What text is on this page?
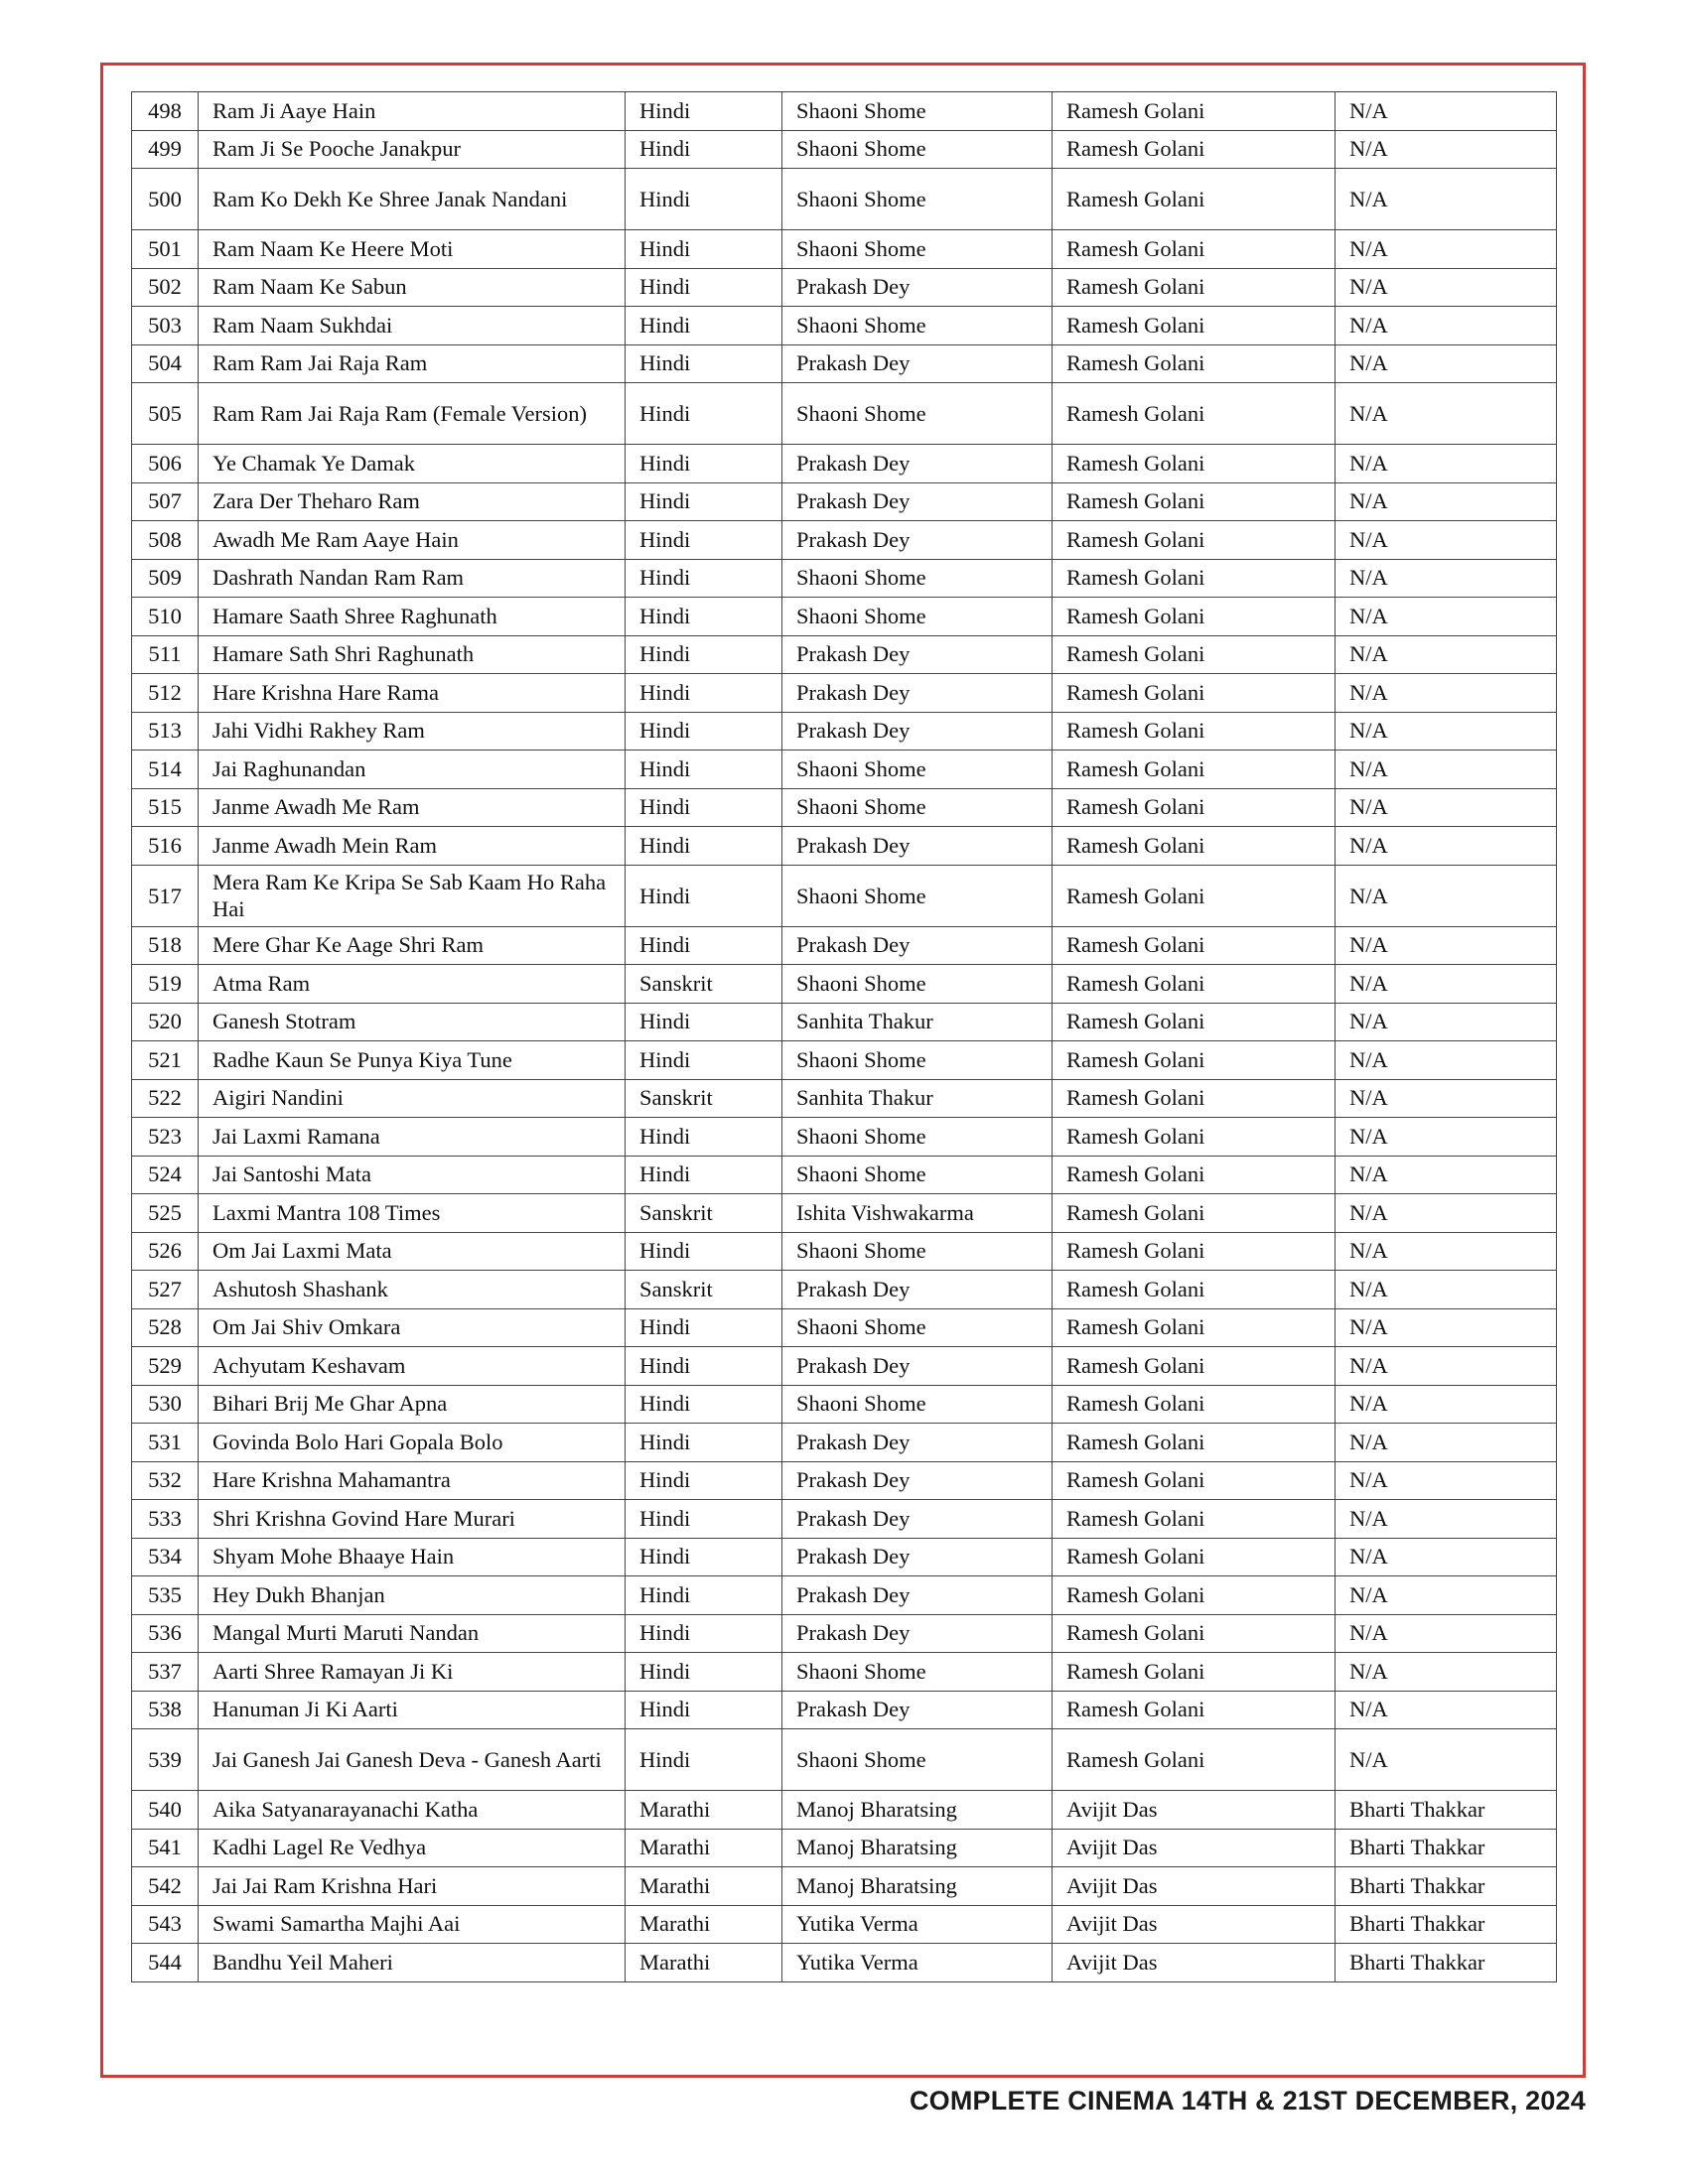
498	Ram Ji Aaye Hain	Hindi	Shaoni Shome	Ramesh Golani	N/A
499	Ram Ji Se Pooche Janakpur	Hindi	Shaoni Shome	Ramesh Golani	N/A
500	Ram Ko Dekh Ke Shree Janak Nandani	Hindi	Shaoni Shome	Ramesh Golani	N/A
501	Ram Naam Ke Heere Moti	Hindi	Shaoni Shome	Ramesh Golani	N/A
502	Ram Naam Ke Sabun	Hindi	Prakash Dey	Ramesh Golani	N/A
503	Ram Naam Sukhdai	Hindi	Shaoni Shome	Ramesh Golani	N/A
504	Ram Ram Jai Raja Ram	Hindi	Prakash Dey	Ramesh Golani	N/A
505	Ram Ram Jai Raja Ram (Female Version)	Hindi	Shaoni Shome	Ramesh Golani	N/A
506	Ye Chamak Ye Damak	Hindi	Prakash Dey	Ramesh Golani	N/A
507	Zara Der Theharo Ram	Hindi	Prakash Dey	Ramesh Golani	N/A
508	Awadh Me Ram Aaye Hain	Hindi	Prakash Dey	Ramesh Golani	N/A
509	Dashrath Nandan Ram Ram	Hindi	Shaoni Shome	Ramesh Golani	N/A
510	Hamare Saath Shree Raghunath	Hindi	Shaoni Shome	Ramesh Golani	N/A
511	Hamare Sath Shri Raghunath	Hindi	Prakash Dey	Ramesh Golani	N/A
512	Hare Krishna Hare Rama	Hindi	Prakash Dey	Ramesh Golani	N/A
513	Jahi Vidhi Rakhey Ram	Hindi	Prakash Dey	Ramesh Golani	N/A
514	Jai Raghunandan	Hindi	Shaoni Shome	Ramesh Golani	N/A
515	Janme Awadh Me Ram	Hindi	Shaoni Shome	Ramesh Golani	N/A
516	Janme Awadh Mein Ram	Hindi	Prakash Dey	Ramesh Golani	N/A
517	Mera Ram Ke Kripa Se Sab Kaam Ho Raha Hai	Hindi	Shaoni Shome	Ramesh Golani	N/A
518	Mere Ghar Ke Aage Shri Ram	Hindi	Prakash Dey	Ramesh Golani	N/A
519	Atma Ram	Sanskrit	Shaoni Shome	Ramesh Golani	N/A
520	Ganesh Stotram	Hindi	Sanhita Thakur	Ramesh Golani	N/A
521	Radhe Kaun Se Punya Kiya Tune	Hindi	Shaoni Shome	Ramesh Golani	N/A
522	Aigiri Nandini	Sanskrit	Sanhita Thakur	Ramesh Golani	N/A
523	Jai Laxmi Ramana	Hindi	Shaoni Shome	Ramesh Golani	N/A
524	Jai Santoshi Mata	Hindi	Shaoni Shome	Ramesh Golani	N/A
525	Laxmi Mantra 108 Times	Sanskrit	Ishita Vishwakarma	Ramesh Golani	N/A
526	Om Jai Laxmi Mata	Hindi	Shaoni Shome	Ramesh Golani	N/A
527	Ashutosh Shashank	Sanskrit	Prakash Dey	Ramesh Golani	N/A
528	Om Jai Shiv Omkara	Hindi	Shaoni Shome	Ramesh Golani	N/A
529	Achyutam Keshavam	Hindi	Prakash Dey	Ramesh Golani	N/A
530	Bihari Brij Me Ghar Apna	Hindi	Shaoni Shome	Ramesh Golani	N/A
531	Govinda Bolo Hari Gopala Bolo	Hindi	Prakash Dey	Ramesh Golani	N/A
532	Hare Krishna Mahamantra	Hindi	Prakash Dey	Ramesh Golani	N/A
533	Shri Krishna Govind Hare Murari	Hindi	Prakash Dey	Ramesh Golani	N/A
534	Shyam Mohe Bhaaye Hain	Hindi	Prakash Dey	Ramesh Golani	N/A
535	Hey Dukh Bhanjan	Hindi	Prakash Dey	Ramesh Golani	N/A
536	Mangal Murti Maruti Nandan	Hindi	Prakash Dey	Ramesh Golani	N/A
537	Aarti Shree Ramayan Ji Ki	Hindi	Shaoni Shome	Ramesh Golani	N/A
538	Hanuman Ji Ki Aarti	Hindi	Prakash Dey	Ramesh Golani	N/A
539	Jai Ganesh Jai Ganesh Deva - Ganesh Aarti	Hindi	Shaoni Shome	Ramesh Golani	N/A
540	Aika Satyanarayanachi Katha	Marathi	Manoj Bharatsing	Avijit Das	Bharti Thakkar
541	Kadhi Lagel Re Vedhya	Marathi	Manoj Bharatsing	Avijit Das	Bharti Thakkar
542	Jai Jai Ram Krishna Hari	Marathi	Manoj Bharatsing	Avijit Das	Bharti Thakkar
543	Swami Samartha Majhi Aai	Marathi	Yutika Verma	Avijit Das	Bharti Thakkar
544	Bandhu Yeil Maheri	Marathi	Yutika Verma	Avijit Das	Bharti Thakkar
COMPLETE CINEMA 14TH & 21ST DECEMBER, 2024
